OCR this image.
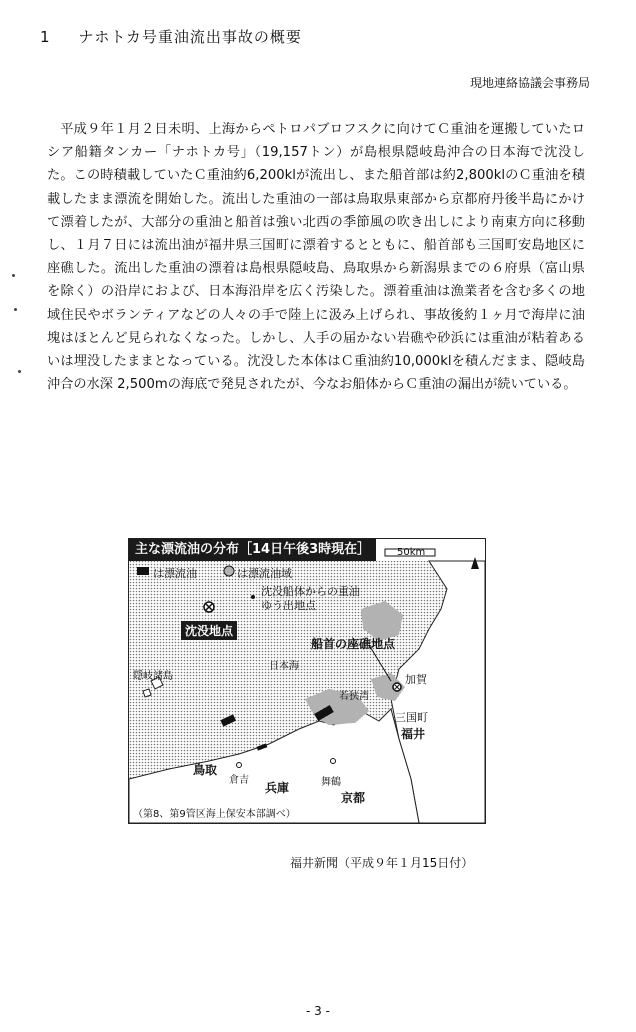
1 ナホトカ号重油流出事故の概要
現地連絡協議会事務局

平成９年１月２日未明、上海からペトロパブロフスクに向けてＣ重油を運搬していたロシア船籍タンカー「ナホトカ号」（19,157トン）が島根県隠岐島沖合の日本海で沈没した。この時積載していたＣ重油約6,200klが流出し、また船首部は約2,800klのＣ重油を積載したまま漂流を開始した。流出した重油の一部は鳥取県東部から京都府丹後半島にかけて漂着したが、大部分の重油と船首は強い北西の季節風の吹き出しにより南東方向に移動し、１月７日には流出油が福井県三国町に漂着するとともに、船首部も三国町安島地区に座礁した。流出した重油の漂着は島根県隠岐島、鳥取県から新潟県までの６府県（富山県を除く）の沿岸におよび、日本海沿岸を広く汚染した。漂着重油は漁業者を含む多くの地域住民やボランティアなどの人々の手で陸上に汲み上げられ、事故後約１ヶ月で海岸に油塊はほとんど見られなくなった。しかし、人手の届かない岩礁や砂浜には重油が粘着あるいは埋没したままとなっている。沈没した本体はＣ重油約10,000klを積んだまま、隠岐島沖合の水深 2,500mの海底で発見されたが、今なお船体からＣ重油の漏出が続いている。

主な漂流油の分布［14日午後3時現在］	50km
は漂流油	は漂流油域
沈没船体からの重油ゆう出地点
沈没地点
船首の座礁地点
加賀
三国町
福井
若狭湾
隠岐諸島
日本海
鳥取
倉吉
兵庫	舞鶴
京都
（第8、第9管区海上保安本部調べ）
福井新聞（平成９年１月15日付）
- 3 -
